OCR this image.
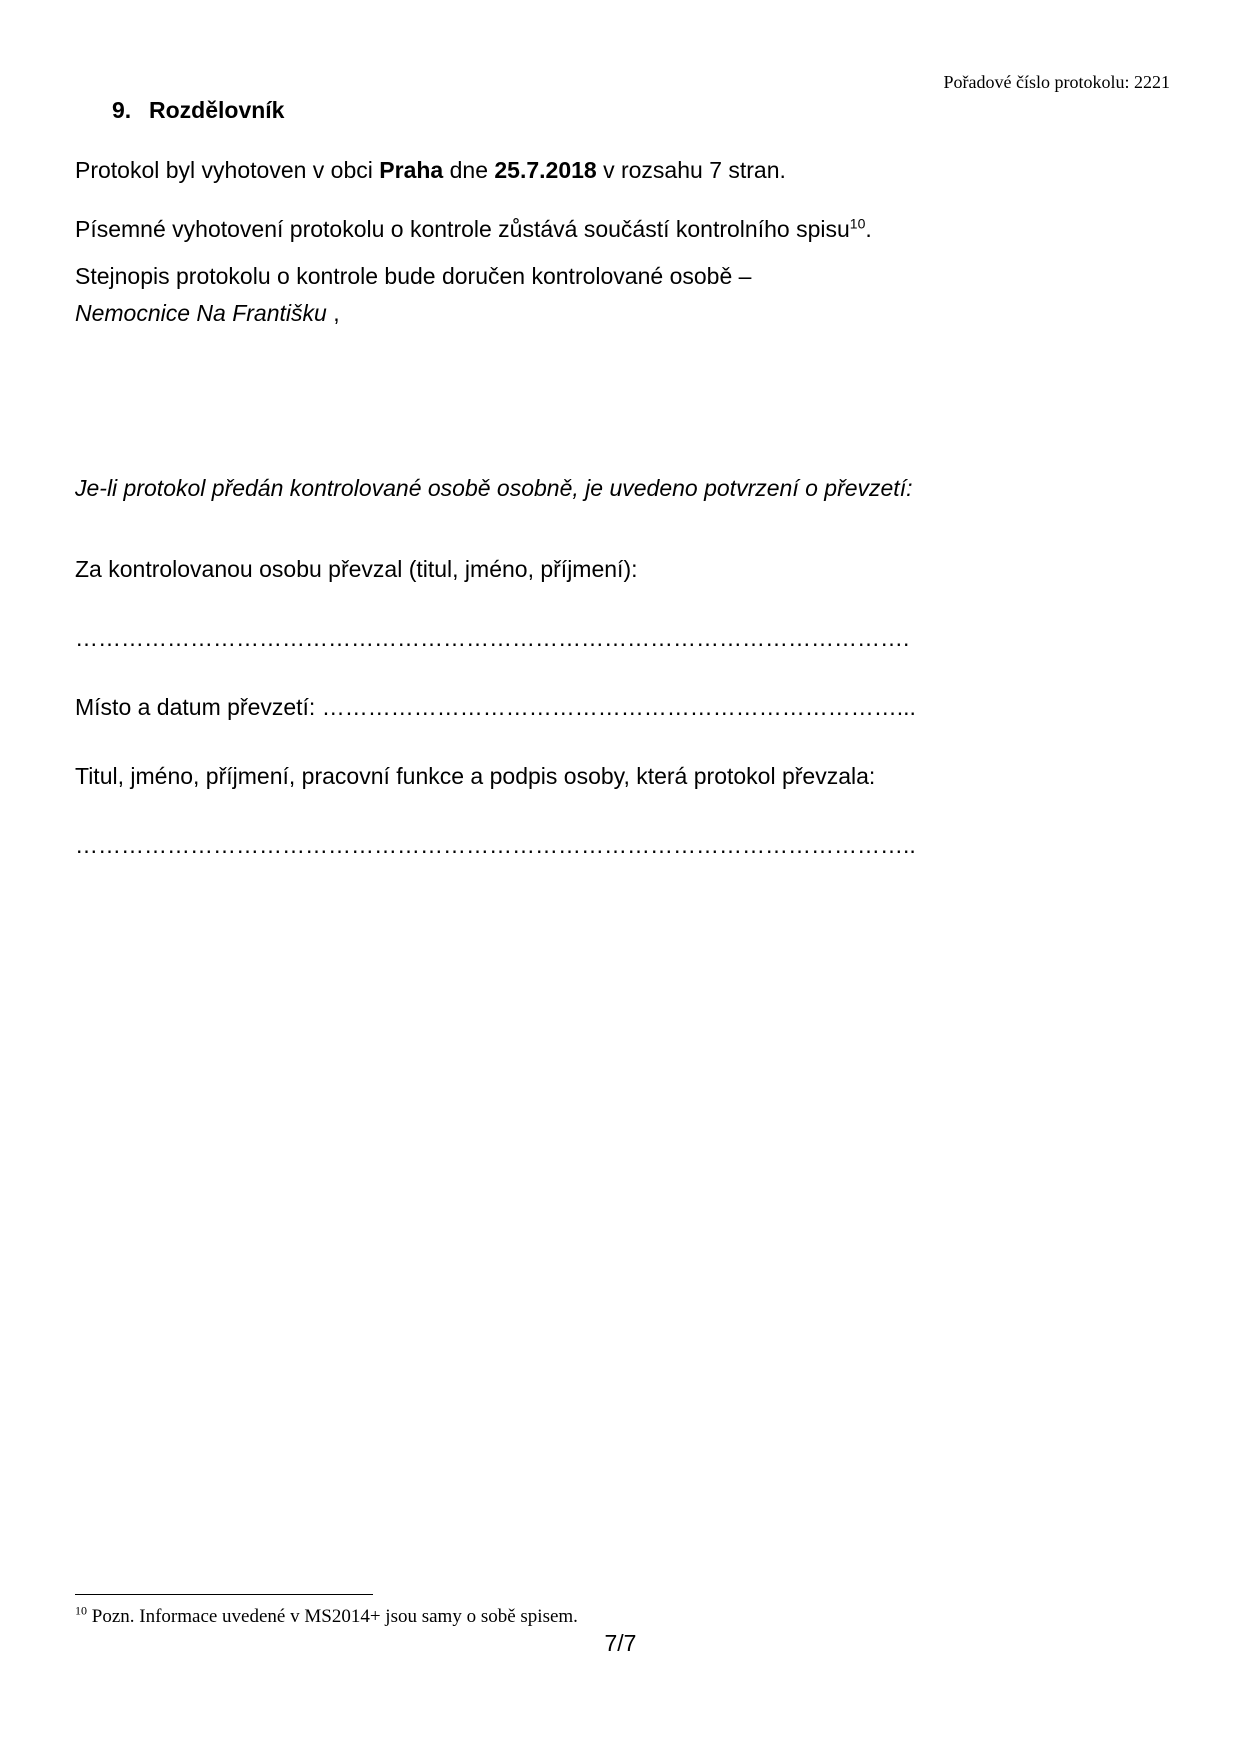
Pořadové číslo protokolu: 2221
9. Rozdělovník
Protokol byl vyhotoven v obci Praha dne 25.7.2018 v rozsahu 7 stran.
Písemné vyhotovení protokolu o kontrole zůstává součástí kontrolního spisu$^{10}$.
Stejnopis protokolu o kontrole bude doručen kontrolované osobě –
Nemocnice Na Františku ,
Je-li protokol předán kontrolované osobě osobně, je uvedeno potvrzení o převzetí:
Za kontrolovanou osobu převzal (titul, jméno, příjmení):
……………………………………………………………………………………………….
Místo a datum převzetí: …………………………………………………………………...
Titul, jméno, příjmení, pracovní funkce a podpis osoby, která protokol převzala:
………………………………………………………………………………………………..
$^{10}$ Pozn. Informace uvedené v MS2014+ jsou samy o sobě spisem.
7/7
